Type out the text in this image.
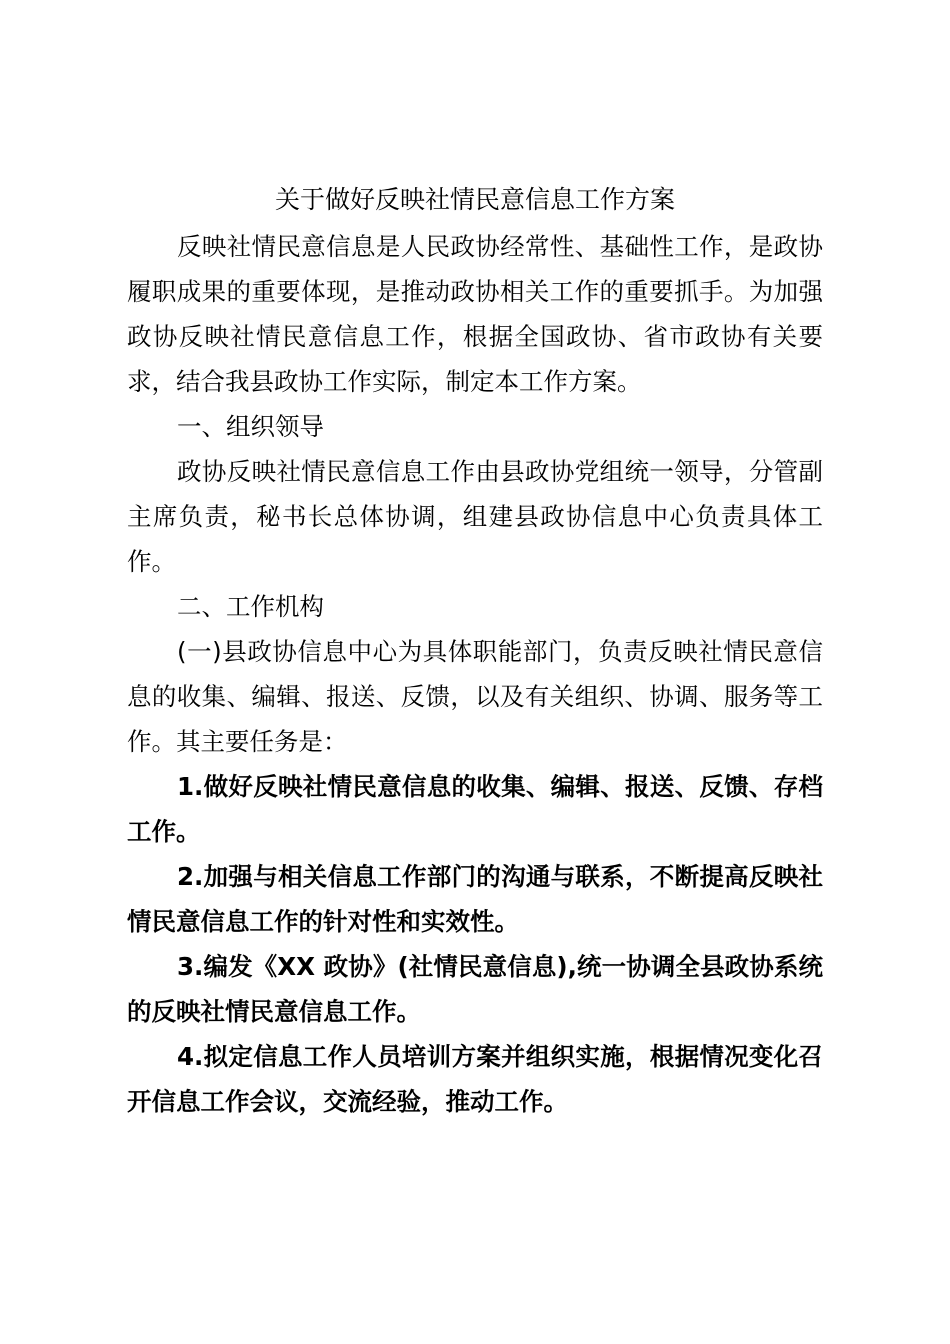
关于做好反映社情民意信息工作方案

反映社情民意信息是人民政协经常性、基础性工作，是政协履职成果的重要体现，是推动政协相关工作的重要抓手。为加强政协反映社情民意信息工作，根据全国政协、省市政协有关要求，结合我县政协工作实际，制定本工作方案。

一、组织领导

政协反映社情民意信息工作由县政协党组统一领导，分管副主席负责，秘书长总体协调，组建县政协信息中心负责具体工作。

二、工作机构

(一)县政协信息中心为具体职能部门，负责反映社情民意信息的收集、编辑、报送、反馈，以及有关组织、协调、服务等工作。其主要任务是：

1.做好反映社情民意信息的收集、编辑、报送、反馈、存档工作。

2.加强与相关信息工作部门的沟通与联系，不断提高反映社情民意信息工作的针对性和实效性。

3.编发《XX 政协》(社情民意信息),统一协调全县政协系统的反映社情民意信息工作。

4.拟定信息工作人员培训方案并组织实施，根据情况变化召开信息工作会议，交流经验，推动工作。
